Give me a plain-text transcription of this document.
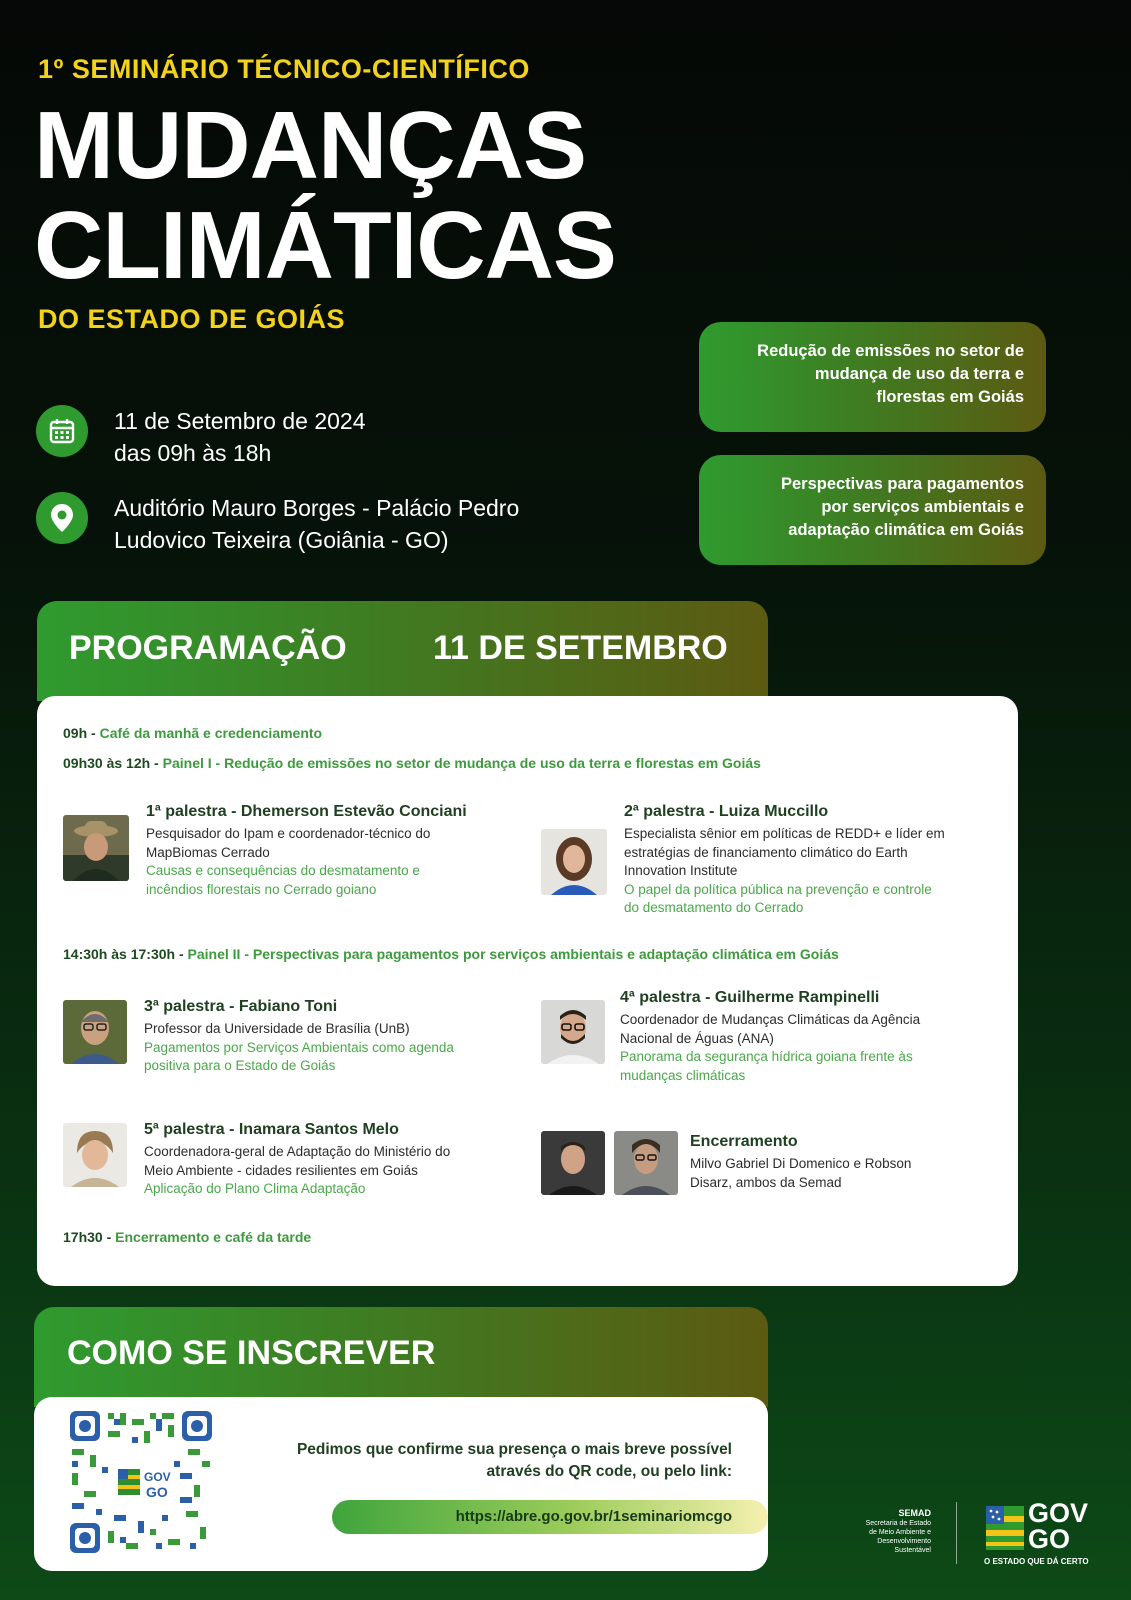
1º SEMINÁRIO TÉCNICO-CIENTÍFICO
MUDANÇAS
CLIMÁTICAS
DO ESTADO DE GOIÁS
11 de Setembro de 2024
das 09h às 18h
Auditório Mauro Borges - Palácio Pedro
Ludovico Teixeira (Goiânia - GO)
Redução de emissões no setor de
mudança de uso da terra e
florestas em Goiás
Perspectivas para pagamentos
por serviços ambientais e
adaptação climática em Goiás
PROGRAMAÇÃO	11 DE SETEMBRO
09h - Café da manhã e credenciamento
09h30 às 12h - Painel I - Redução de emissões no setor de mudança de uso da terra e florestas em Goiás
1ª palestra - Dhemerson Estevão Conciani
Pesquisador do Ipam e coordenador-técnico do
MapBiomas Cerrado
Causas e consequências do desmatamento e
incêndios florestais no Cerrado goiano
2ª palestra - Luiza Muccillo
Especialista sênior em políticas de REDD+ e líder em
estratégias de financiamento climático do Earth
Innovation Institute
O papel da política pública na prevenção e controle
do desmatamento do Cerrado
14:30h às 17:30h - Painel II - Perspectivas para pagamentos por serviços ambientais e adaptação climática em Goiás
3ª palestra - Fabiano Toni
Professor da Universidade de Brasília (UnB)
Pagamentos por Serviços Ambientais como agenda
positiva para o Estado de Goiás
4ª palestra - Guilherme Rampinelli
Coordenador de Mudanças Climáticas da Agência
Nacional de Águas (ANA)
Panorama da segurança hídrica goiana frente às
mudanças climáticas
5ª palestra - Inamara Santos Melo
Coordenadora-geral de Adaptação do Ministério do
Meio Ambiente - cidades resilientes em Goiás
Aplicação do Plano Clima Adaptação
Encerramento
Milvo Gabriel Di Domenico e Robson
Disarz, ambos da Semad
17h30 - Encerramento e café da tarde
COMO SE INSCREVER
GOV
GO
Pedimos que confirme sua presença o mais breve possível
através do QR code, ou pelo link:
https://abre.go.gov.br/1seminariomcgo	SEMAD
Secretaria de Estado
de Meio Ambiente e
Desenvolvimento
Sustentável
GOV
GO
O ESTADO QUE DÁ CERTO
